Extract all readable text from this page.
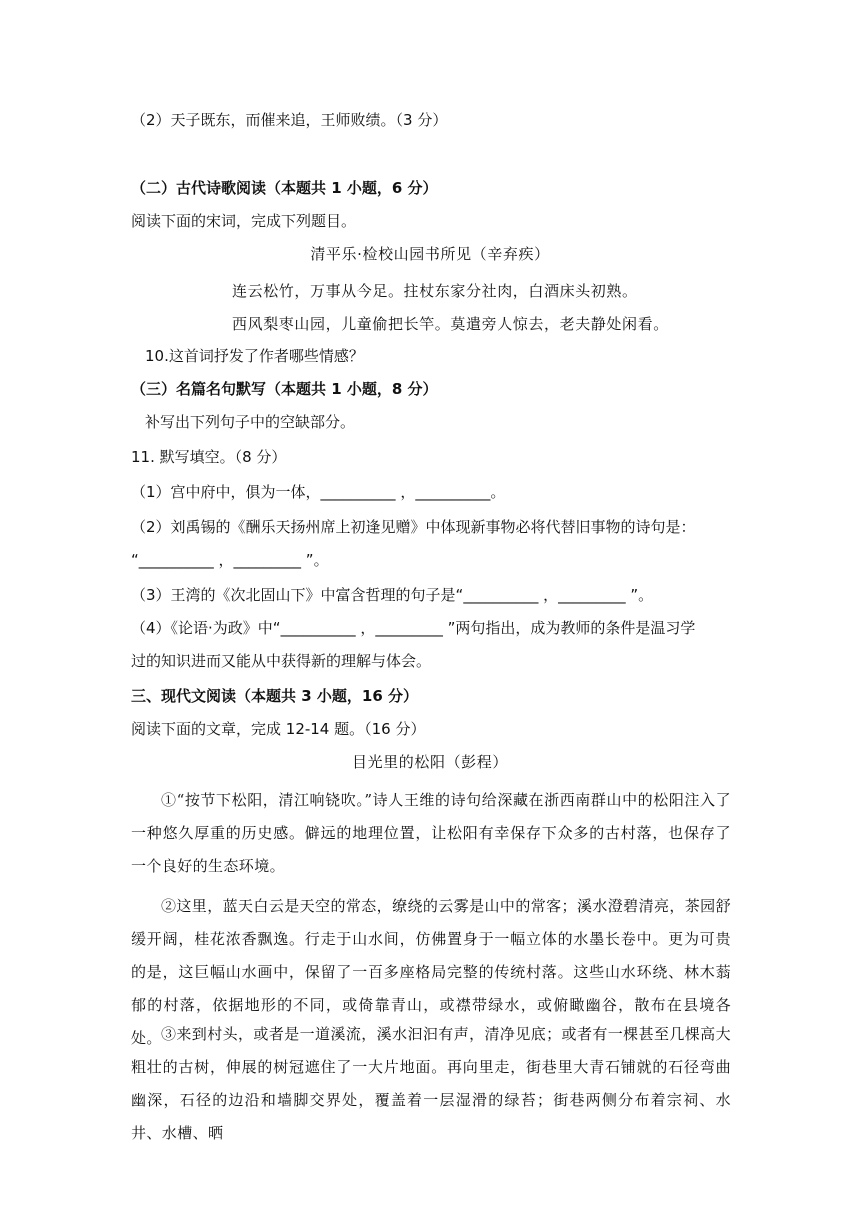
（2）天子既东，而催来追，王师败绩。（3 分）
（二）古代诗歌阅读（本题共 1 小题，6 分）
阅读下面的宋词，完成下列题目。
清平乐·检校山园书所见（辛弃疾）
连云松竹，万事从今足。拄杖东家分社肉，白酒床头初熟。
西风梨枣山园，儿童偷把长竿。莫遣旁人惊去，老夫静处闲看。
10.这首词抒发了作者哪些情感？
（三）名篇名句默写（本题共 1 小题，8 分）
补写出下列句子中的空缺部分。
11. 默写填空。（8 分）
（1）宫中府中，俱为一体，__________ ，__________。
（2）刘禹锡的《酬乐天扬州席上初逢见赠》中体现新事物必将代替旧事物的诗句是：
“__________ ，_________ ”。
（3）王湾的《次北固山下》中富含哲理的句子是“__________ ，_________ ”。
（4）《论语·为政》中“__________ ，_________ ”两句指出，成为教师的条件是温习学
过的知识进而又能从中获得新的理解与体会。
三、现代文阅读（本题共 3 小题，16 分）
阅读下面的文章，完成 12-14 题。（16 分）
目光里的松阳（彭程）
①“按节下松阳，清江响铙吹。”诗人王维的诗句给深藏在浙西南群山中的松阳注入了一种悠久厚重的历史感。僻远的地理位置，让松阳有幸保存下众多的古村落，也保存了一个良好的生态环境。
②这里，蓝天白云是天空的常态，缭绕的云雾是山中的常客；溪水澄碧清亮，茶园舒缓开阔，桂花浓香飘逸。行走于山水间，仿佛置身于一幅立体的水墨长卷中。更为可贵的是，这巨幅山水画中，保留了一百多座格局完整的传统村落。这些山水环绕、林木蓊郁的村落，依据地形的不同，或倚靠青山，或襟带绿水，或俯瞰幽谷，散布在县境各处。 ③来到村头，或者是一道溪流，溪水汩汩有声，清净见底；或者有一棵甚至几棵高大粗壮的古树，伸展的树冠遮住了一大片地面。再向里走，街巷里大青石铺就的石径弯曲幽深，石径的边沿和墙脚交界处，覆盖着一层湿滑的绿苔；街巷两侧分布着宗祠、水井、水槽、晒
